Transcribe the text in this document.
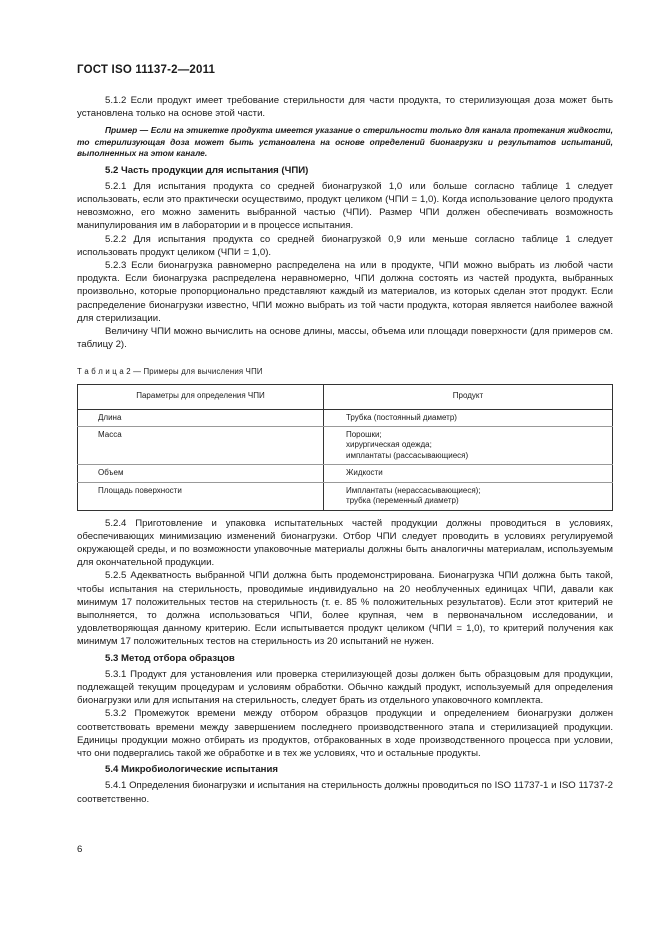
ГОСТ ISO 11137-2—2011

5.1.2 Если продукт имеет требование стерильности для части продукта, то стерилизующая доза может быть установлена только на основе этой части.

Пример — Если на этикетке продукта имеется указание о стерильности только для канала протекания жидкости, то стерилизующая доза может быть установлена на основе определений бионагрузки и результатов испытаний, выполненных на этом канале.

5.2 Часть продукции для испытания (ЧПИ)

5.2.1 Для испытания продукта со средней бионагрузкой 1,0 или больше согласно таблице 1 следует использовать, если это практически осуществимо, продукт целиком (ЧПИ = 1,0). Когда использование целого продукта невозможно, его можно заменить выбранной частью (ЧПИ). Размер ЧПИ должен обеспечивать возможность манипулирования им в лаборатории и в процессе испытания.

5.2.2 Для испытания продукта со средней бионагрузкой 0,9 или меньше согласно таблице 1 следует использовать продукт целиком (ЧПИ = 1,0).

5.2.3 Если бионагрузка равномерно распределена на или в продукте, ЧПИ можно выбрать из любой части продукта. Если бионагрузка распределена неравномерно, ЧПИ должна состоять из частей продукта, выбранных произвольно, которые пропорционально представляют каждый из материалов, из которых сделан этот продукт. Если распределение бионагрузки известно, ЧПИ можно выбрать из той части продукта, которая является наиболее важной для стерилизации.

Величину ЧПИ можно вычислить на основе длины, массы, объема или площади поверхности (для примеров см. таблицу 2).

Т а б л и ц а 2 — Примеры для вычисления ЧПИ

Параметры для определения ЧПИ	Продукт
Длина	Трубка (постоянный диаметр)

Масса	Порошки;
хирургическая одежда;
имплантаты (рассасывающиеся)

Объем	Жидкости

Площадь поверхности	Имплантаты (нерассасывающиеся);
трубка (переменный диаметр)

5.2.4 Приготовление и упаковка испытательных частей продукции должны проводиться в условиях, обеспечивающих минимизацию изменений бионагрузки. Отбор ЧПИ следует проводить в условиях регулируемой окружающей среды, и по возможности упаковочные материалы должны быть аналогичны материалам, используемым для окончательной продукции.

5.2.5 Адекватность выбранной ЧПИ должна быть продемонстрирована. Бионагрузка ЧПИ должна быть такой, чтобы испытания на стерильность, проводимые индивидуально на 20 необлученных единицах ЧПИ, давали как минимум 17 положительных тестов на стерильность (т. е. 85 % положительных результатов). Если этот критерий не выполняется, то должна использоваться ЧПИ, более крупная, чем в первоначальном исследовании, и удовлетворяющая данному критерию. Если испытывается продукт целиком (ЧПИ = 1,0), то критерий получения как минимум 17 положительных тестов на стерильность из 20 испытаний не нужен.

5.3 Метод отбора образцов

5.3.1 Продукт для установления или проверка стерилизующей дозы должен быть образцовым для продукции, подлежащей текущим процедурам и условиям обработки. Обычно каждый продукт, используемый для определения бионагрузки или для испытания на стерильность, следует брать из отдельного упаковочного комплекта.

5.3.2 Промежуток времени между отбором образцов продукции и определением бионагрузки должен соответствовать времени между завершением последнего производственного этапа и стерилизацией продукции. Единицы продукции можно отбирать из продуктов, отбракованных в ходе производственного процесса при условии, что они подвергались такой же обработке и в тех же условиях, что и остальные продукты.

5.4 Микробиологические испытания

5.4.1 Определения бионагрузки и испытания на стерильность должны проводиться по ISO 11737-1 и ISO 11737-2 соответственно.

6
